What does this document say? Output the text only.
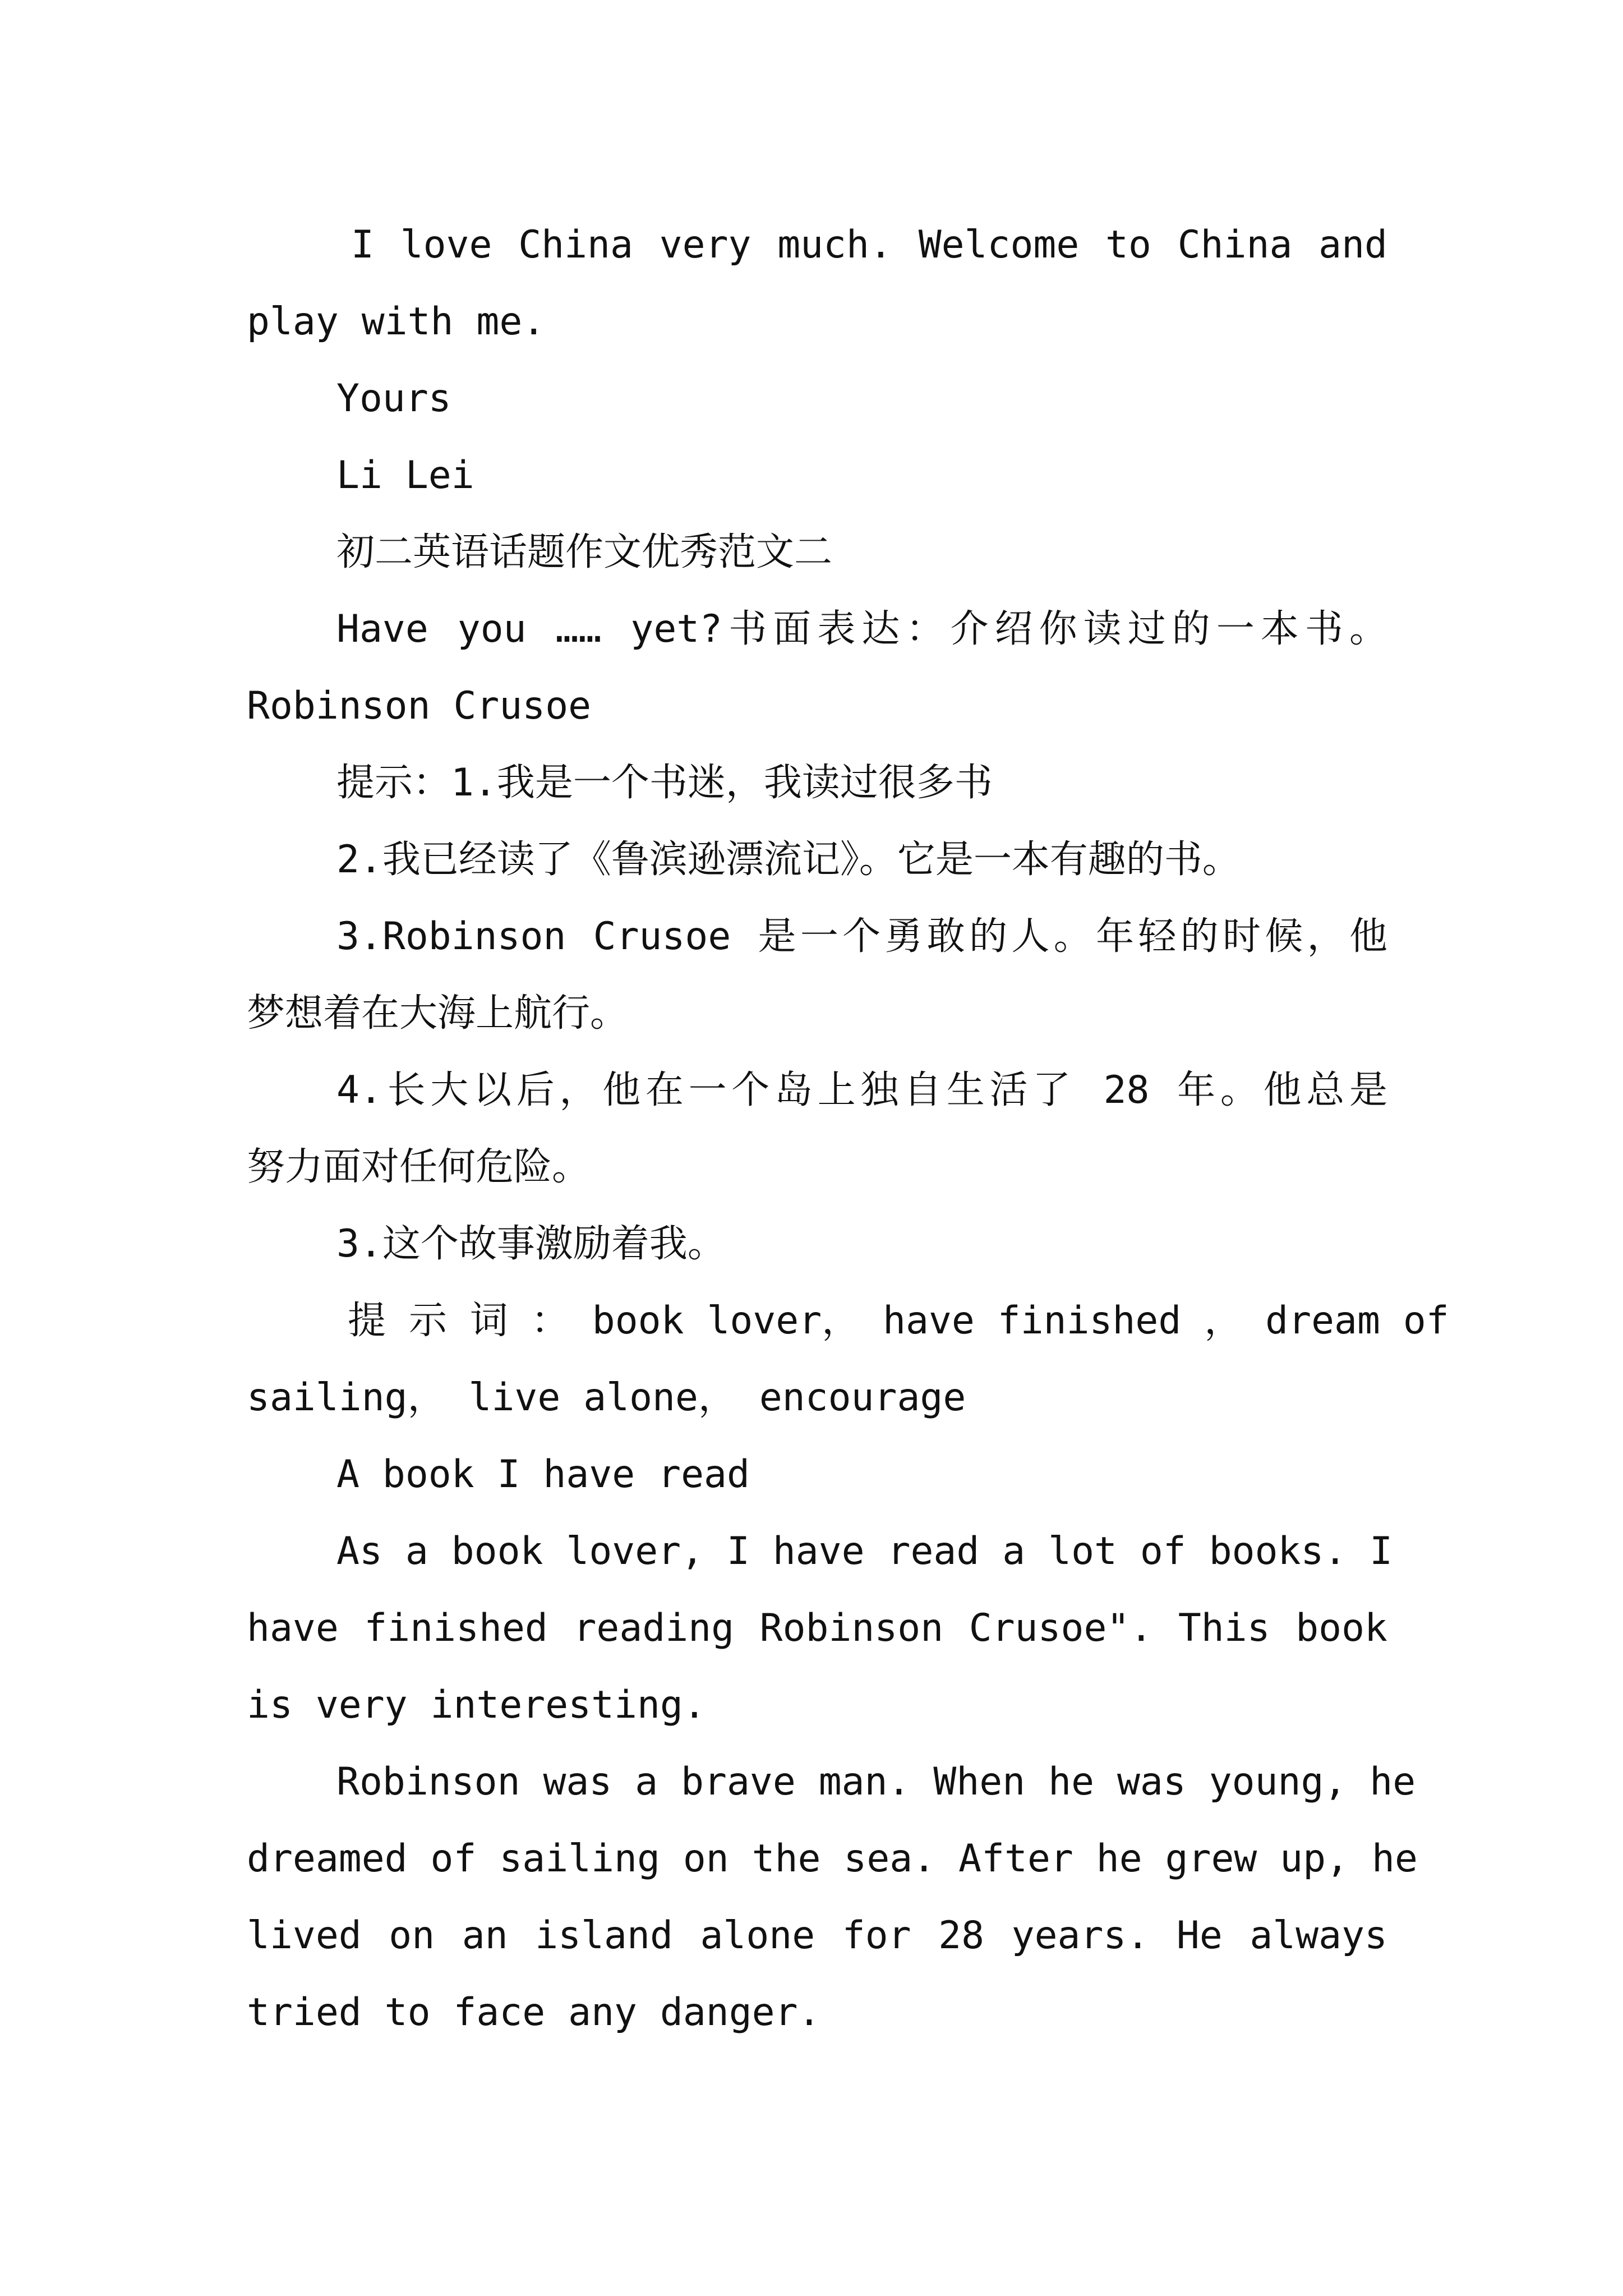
I love China very much. Welcome to China and

play with me.

Yours

Li Lei

初二英语话题作文优秀范文二

Have you …… yet?书面表达：介绍你读过的一本书。

Robinson Crusoe

提示：1.我是一个书迷，我读过很多书

2.我已经读了《鲁滨逊漂流记》。它是一本有趣的书。

3.Robinson Crusoe 是一个勇敢的人。年轻的时候，他

梦想着在大海上航行。

4.长大以后，他在一个岛上独自生活了 28 年。他总是

努力面对任何危险。

3.这个故事激励着我。

提 示 词 ： book lover， have finished ， dream of

sailing， live alone， encourage

A book I have read

As a book lover, I have read a lot of books. I

have finished reading Robinson Crusoe". This book

is very interesting.

Robinson was a brave man. When he was young, he

dreamed of sailing on the sea. After he grew up, he

lived on an island alone for 28 years. He always

tried to face any danger.
